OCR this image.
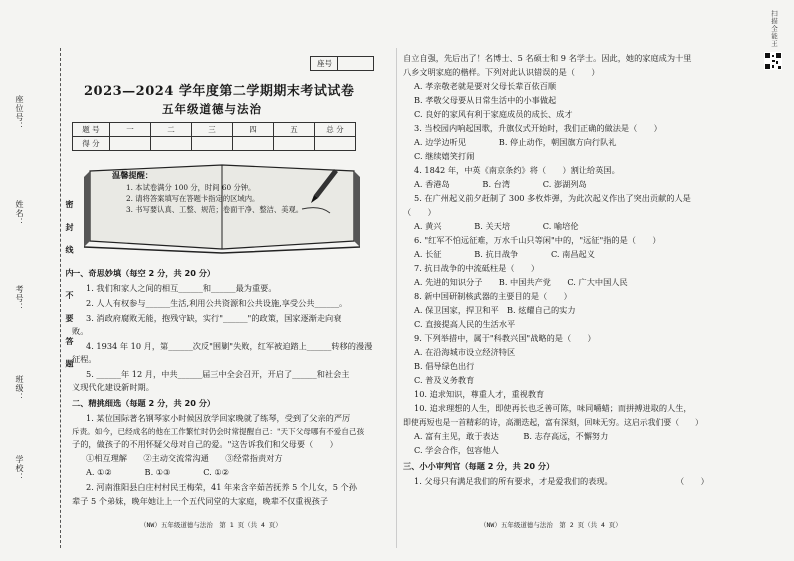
学校：
班级：
考号：
姓名：
座位号：
密 封 线 内 不 要 答 题
座号
2023—2024 学年度第二学期期末考试试卷
五年级道德与法治
题 号	一	二	三	四	五	总 分
得 分						
温馨提醒：
1. 本试卷满分 100 分，时间 60 分钟。
2. 请将答案填写在答题卡指定的区域内。
3. 书写要认真、工整、规范；卷面干净、整洁、美观。
一、奇思妙填（每空 2 分，共 20 分）
1. 我们和家人之间的相互______和______最为重要。
2. 人人有权参与______生活,利用公共资源和公共设施,享受公共______。
3. 消政府腐败无能，抱残守缺，实行"______"的政策，国家逐渐走向衰
败。
4. 1934 年 10 月，第______次反"围剿"失败，红军被迫踏上______转移的漫漫
征程。
5. ______年 12 月，中共______届三中全会召开，开启了______和社会主
义现代化建设新时期。
二、精挑细选（每题 2 分，共 20 分）
1. 某位国际著名钢琴家小时候因放学回家晚就了练琴，受到了父亲的严厉
斥责。如今，已经成名的他在工作繁忙时仍会时常提醒自己："天下父母哪有不爱自己孩
子的，做孩子的不用怀疑父母对自己的爱。"这告诉我们和父母要（　　）
①相互理解　　②主动交流常沟通　　③经常指责对方
A. ①②　　　　B. ①③　　　　C. ①②
2. 河南淮阳县白庄村村民王梅荣，41 年来含辛茹苦抚养 5 个儿女，5 个孙
辈子 5 个弟妹，晚年她让上一个五代同堂的大家庭，晚辈不仅重视孩子
（NW）五年级道德与法治　第 1 页（共 4 页）
自立自强，先后出了！名博士、5 名硕士和 9 名学士。因此，她的家庭成为十里
八乡文明家庭的楷样。下列对此认识错误的是（　　）
A. 孝亲敬老就是要对父母长辈百依百顺
B. 孝敬父母要从日常生活中的小事做起
C. 良好的家风有利于家庭成员的成长、成才
3. 当校园内响起国歌，升旗仪式开始时，我们正确的做法是（　　）
A. 边学边听见　　　　B. 停止动作，朝国旗方向行队礼
C. 继续嬉笑打闹
4. 1842 年，中英《南京条约》将（　　）割让给英国。
A. 香港岛　　　　B. 台湾　　　　C. 澎湖列岛
5. 在广州起义前夕赶制了 300 多枚炸弹，为此次起义作出了突出贡献的人是
（　　）
A. 黄兴　　　　B. 关天培　　　　C. 喻培伦
6. "红军不怕远征难，万水千山只等闲"中的，"远征"指的是（　　）
A. 长征　　　　B. 抗日战争　　　　C. 南昌起义
7. 抗日战争的中流砥柱是（　　）
A. 先进的知识分子　　B. 中国共产党　　C. 广大中国人民
8. 新中国研制核武器的主要目的是（　　）
A. 保卫国家，捍卫和平　B. 炫耀自己的实力
C. 直接提高人民的生活水平
9. 下列举措中，属于"科教兴国"战略的是（　　）
A. 在沿海城市设立经济特区
B. 倡导绿色出行
C. 普及义务教育
10. 追求知识，尊重人才，重视教育
10. 追求理想的人生，即使再长也乏善可陈，味同嚼蜡；而拼搏进取的人生，
即使再短也是一首精彩的诗，高潮迭起，富有深刻，回味无穷。这启示我们要（　　）
A. 富有主见，敢于表达　　　B. 志存高远，不懈努力
C. 学会合作，包容他人
三、小小审判官（每题 2 分，共 20 分）
1. 父母只有满足我们的所有要求，才是爱我们的表现。	（　　）
（NW）五年级道德与法治　第 2 页（共 4 页）
扫描全能王
